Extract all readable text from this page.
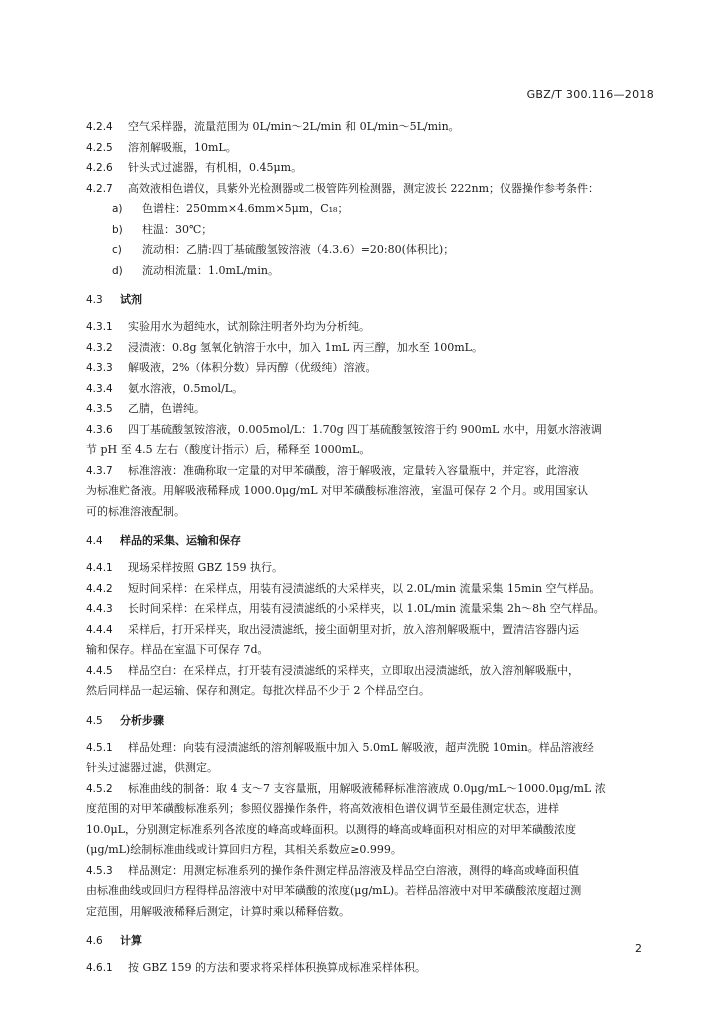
GBZ/T 300.116—2018
4.2.4 空气采样器，流量范围为 0L/min～2L/min 和 0L/min～5L/min。
4.2.5 溶剂解吸瓶，10mL。
4.2.6 针头式过滤器，有机相，0.45μm。
4.2.7 高效液相色谱仪，具紫外光检测器或二极管阵列检测器，测定波长 222nm；仪器操作参考条件：
a) 色谱柱：250mm×4.6mm×5μm，C₁₈；
b) 柱温：30℃；
c) 流动相：乙腈:四丁基硫酸氢铵溶液（4.3.6）=20:80(体积比)；
d) 流动相流量：1.0mL/min。
4.3 试剂
4.3.1 实验用水为超纯水，试剂除注明者外均为分析纯。
4.3.2 浸渍液：0.8g 氢氧化钠溶于水中，加入 1mL 丙三醇，加水至 100mL。
4.3.3 解吸液，2%（体积分数）异丙醇（优级纯）溶液。
4.3.4 氨水溶液，0.5mol/L。
4.3.5 乙腈，色谱纯。
4.3.6 四丁基硫酸氢铵溶液，0.005mol/L：1.70g 四丁基硫酸氢铵溶于约 900mL 水中，用氨水溶液调
节 pH 至 4.5 左右（酸度计指示）后，稀释至 1000mL。
4.3.7 标准溶液：准确称取一定量的对甲苯磺酸，溶于解吸液，定量转入容量瓶中，并定容，此溶液
为标准贮备液。用解吸液稀释成 1000.0μg/mL 对甲苯磺酸标准溶液，室温可保存 2 个月。或用国家认
可的标准溶液配制。
4.4 样品的采集、运输和保存
4.4.1 现场采样按照 GBZ 159 执行。
4.4.2 短时间采样：在采样点，用装有浸渍滤纸的大采样夹，以 2.0L/min 流量采集 15min 空气样品。
4.4.3 长时间采样：在采样点，用装有浸渍滤纸的小采样夹，以 1.0L/min 流量采集 2h～8h 空气样品。
4.4.4 采样后，打开采样夹，取出浸渍滤纸，接尘面朝里对折，放入溶剂解吸瓶中，置清洁容器内运
输和保存。样品在室温下可保存 7d。
4.4.5 样品空白：在采样点，打开装有浸渍滤纸的采样夹，立即取出浸渍滤纸，放入溶剂解吸瓶中，
然后同样品一起运输、保存和测定。每批次样品不少于 2 个样品空白。
4.5 分析步骤
4.5.1 样品处理：向装有浸渍滤纸的溶剂解吸瓶中加入 5.0mL 解吸液，超声洗脱 10min。样品溶液经
针头过滤器过滤，供测定。
4.5.2 标准曲线的制备：取 4 支～7 支容量瓶，用解吸液稀释标准溶液成 0.0μg/mL～1000.0μg/mL 浓
度范围的对甲苯磺酸标准系列；参照仪器操作条件，将高效液相色谱仪调节至最佳测定状态，进样
10.0μL，分别测定标准系列各浓度的峰高或峰面积。以测得的峰高或峰面积对相应的对甲苯磺酸浓度
(μg/mL)绘制标准曲线或计算回归方程，其相关系数应≥0.999。
4.5.3 样品测定：用测定标准系列的操作条件测定样品溶液及样品空白溶液，测得的峰高或峰面积值
由标准曲线或回归方程得样品溶液中对甲苯磺酸的浓度(μg/mL)。若样品溶液中对甲苯磺酸浓度超过测
定范围，用解吸液稀释后测定，计算时乘以稀释倍数。
4.6 计算
4.6.1 按 GBZ 159 的方法和要求将采样体积换算成标准采样体积。
2
